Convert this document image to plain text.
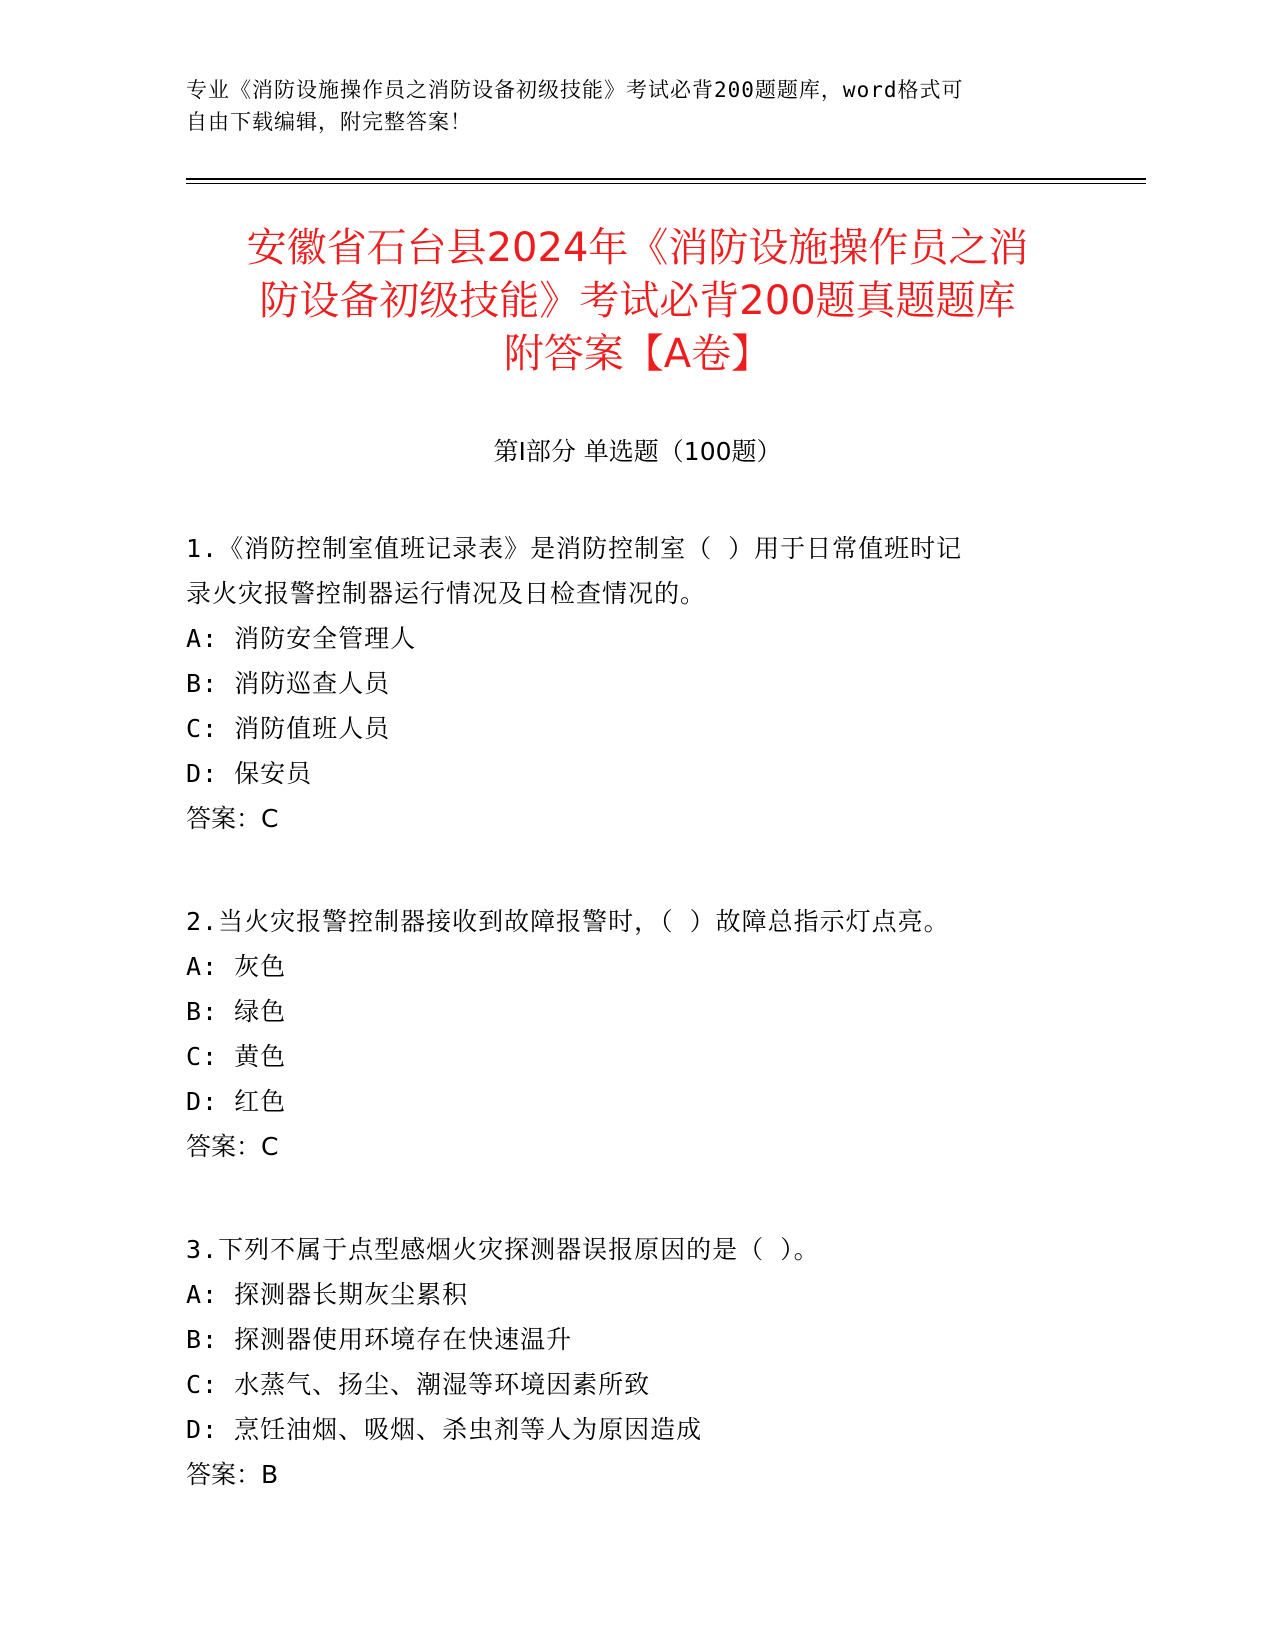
专业《消防设施操作员之消防设备初级技能》考试必背200题题库，word格式可
自由下载编辑，附完整答案！
安徽省石台县2024年《消防设施操作员之消
防设备初级技能》考试必背200题真题题库
附答案【A卷】
第I部分 单选题（100题）

1.《消防控制室值班记录表》是消防控制室（ ）用于日常值班时记

录火灾报警控制器运行情况及日检查情况的。

A: 消防安全管理人

B: 消防巡查人员

C: 消防值班人员

D: 保安员

答案：C

2.当火灾报警控制器接收到故障报警时，（ ）故障总指示灯点亮。

A: 灰色

B: 绿色

C: 黄色

D: 红色

答案：C

3.下列不属于点型感烟火灾探测器误报原因的是（ ）。

A: 探测器长期灰尘累积

B: 探测器使用环境存在快速温升

C: 水蒸气、扬尘、潮湿等环境因素所致

D: 烹饪油烟、吸烟、杀虫剂等人为原因造成

答案：B
